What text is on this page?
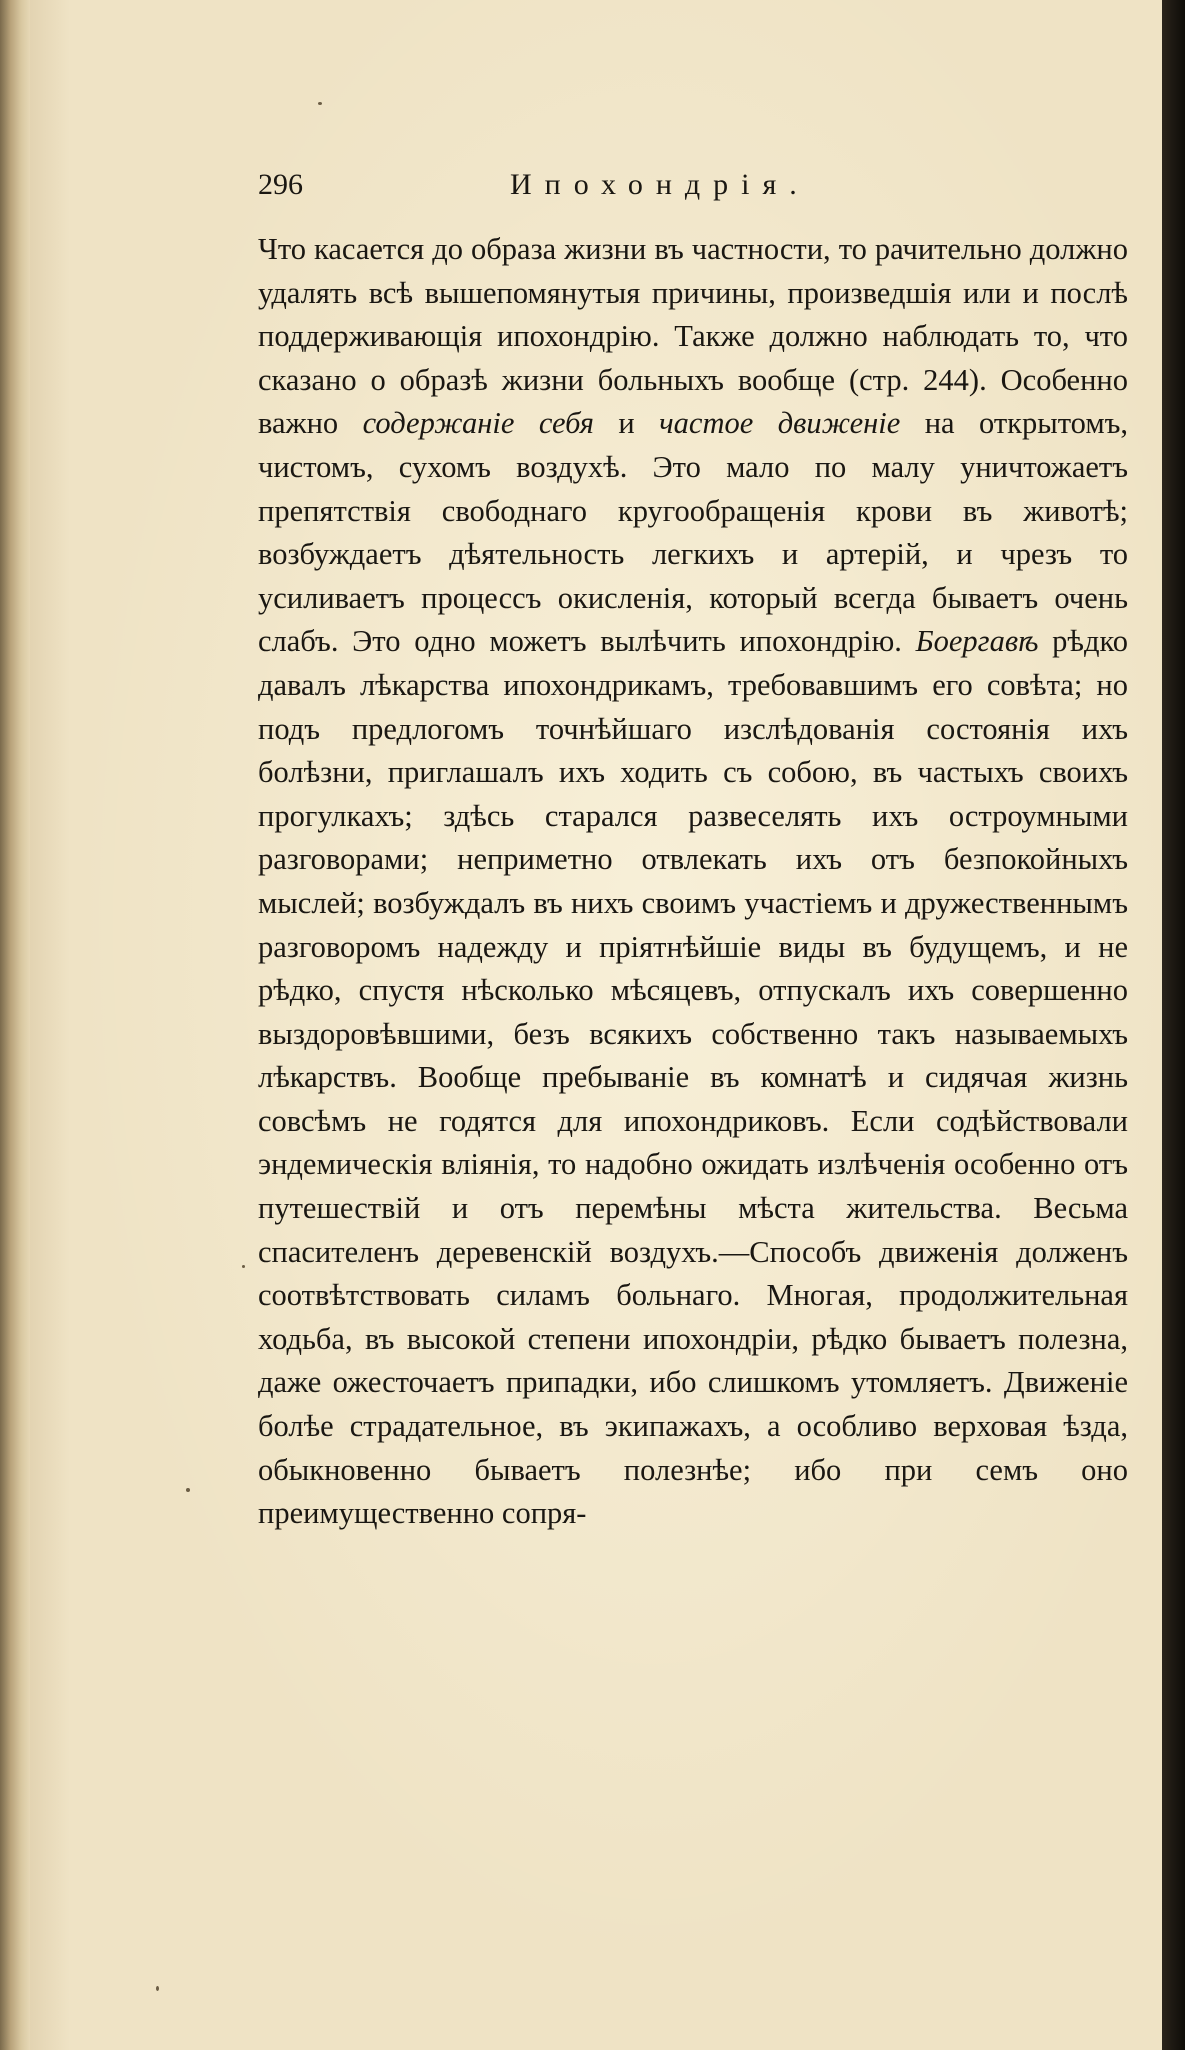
296	Ипохондрія.

Что касается до образа жизни въ частности, то рачительно должно удалять всѣ вышепомянутыя причины, произведшія или и послѣ поддерживающія ипохондрію. Также должно наблюдать то, что сказано о образѣ жизни больныхъ вообще (стр. 244). Особенно важно содержаніе себя и частое движеніе на открытомъ, чистомъ, сухомъ воздухѣ. Это мало по малу уничтожаетъ препятствія свободнаго кругообращенія крови въ животѣ; возбуждаетъ дѣятельность легкихъ и артерій, и чрезъ то усиливаетъ процессъ окисленія, который всегда бываетъ очень слабъ. Это одно можетъ вылѣчить ипохондрію. Боергавѣ рѣдко давалъ лѣкарства ипохондрикамъ, требовавшимъ его совѣта; но подъ предлогомъ точнѣйшаго изслѣдованія состоянія ихъ болѣзни, приглашалъ ихъ ходить съ собою, въ частыхъ своихъ прогулкахъ; здѣсь старался развеселять ихъ остроумными разговорами; неприметно отвлекать ихъ отъ безпокойныхъ мыслей; возбуждалъ въ нихъ своимъ участіемъ и дружественнымъ разговоромъ надежду и пріятнѣйшіе виды въ будущемъ, и не рѣдко, спустя нѣсколько мѣсяцевъ, отпускалъ ихъ совершенно выздоровѣвшими, безъ всякихъ собственно такъ называемыхъ лѣкарствъ. Вообще пребываніе въ комнатѣ и сидячая жизнь совсѣмъ не годятся для ипохондриковъ. Если содѣйствовали эндемическія вліянія, то надобно ожидать излѣченія особенно отъ путешествій и отъ перемѣны мѣста жительства. Весьма спасителенъ деревенскій воздухъ.—Способъ движенія долженъ соотвѣтствовать силамъ больнаго. Многая, продолжительная ходьба, въ высокой степени ипохондріи, рѣдко бываетъ полезна, даже ожесточаетъ припадки, ибо слишкомъ утомляетъ. Движеніе болѣе страдательное, въ экипажахъ, а особливо верховая ѣзда, обыкновенно бываетъ полезнѣе; ибо при семъ оно преимущественно сопря-
